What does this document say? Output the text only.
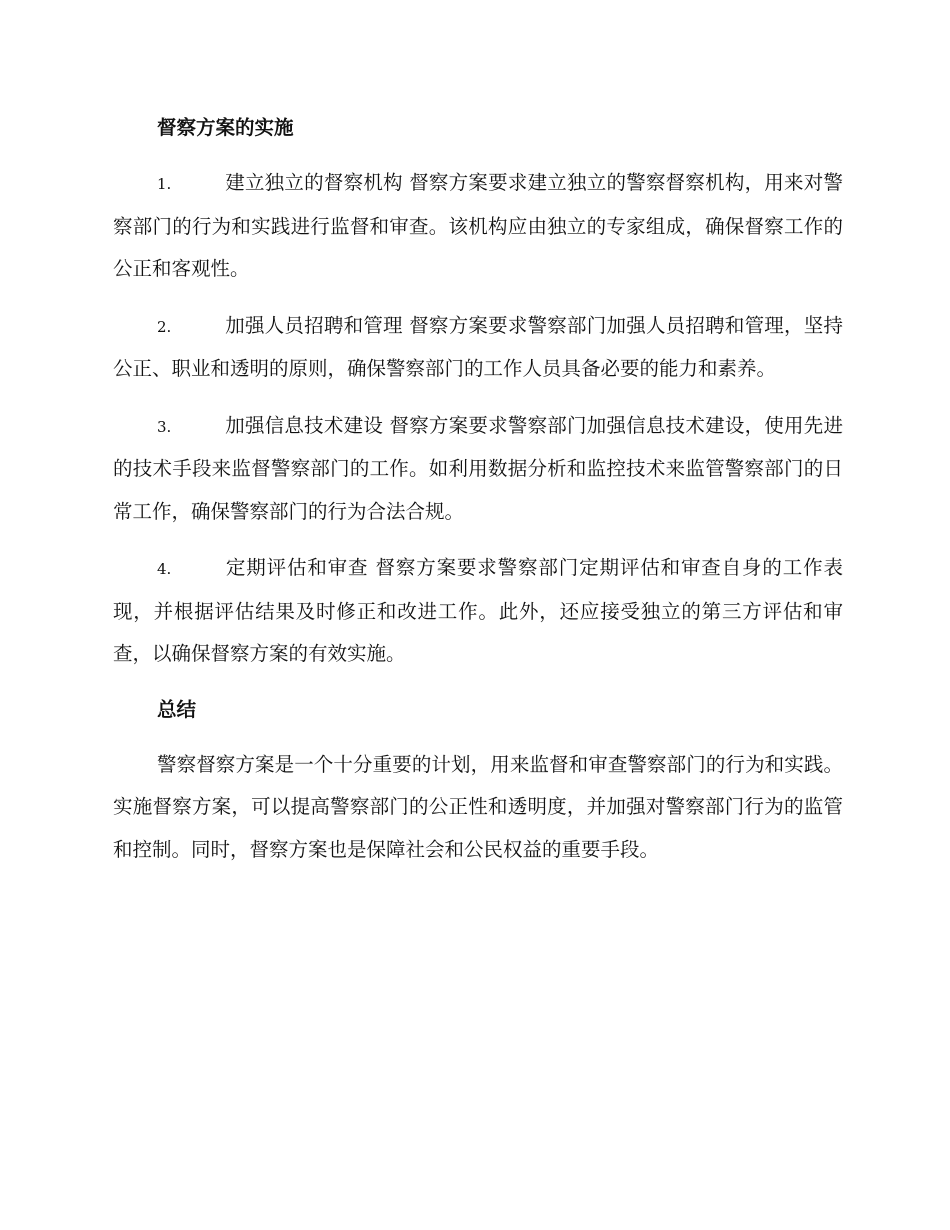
督察方案的实施

1.	建立独立的督察机构 督察方案要求建立独立的警察督察机构，用来对警察部门的行为和实践进行监督和审查。该机构应由独立的专家组成，确保督察工作的公正和客观性。

2.	加强人员招聘和管理 督察方案要求警察部门加强人员招聘和管理，坚持公正、职业和透明的原则，确保警察部门的工作人员具备必要的能力和素养。

3.	加强信息技术建设 督察方案要求警察部门加强信息技术建设，使用先进的技术手段来监督警察部门的工作。如利用数据分析和监控技术来监管警察部门的日常工作，确保警察部门的行为合法合规。

4.	定期评估和审查 督察方案要求警察部门定期评估和审查自身的工作表现，并根据评估结果及时修正和改进工作。此外，还应接受独立的第三方评估和审查，以确保督察方案的有效实施。

总结

警察督察方案是一个十分重要的计划，用来监督和审查警察部门的行为和实践。实施督察方案，可以提高警察部门的公正性和透明度，并加强对警察部门行为的监管和控制。同时，督察方案也是保障社会和公民权益的重要手段。
